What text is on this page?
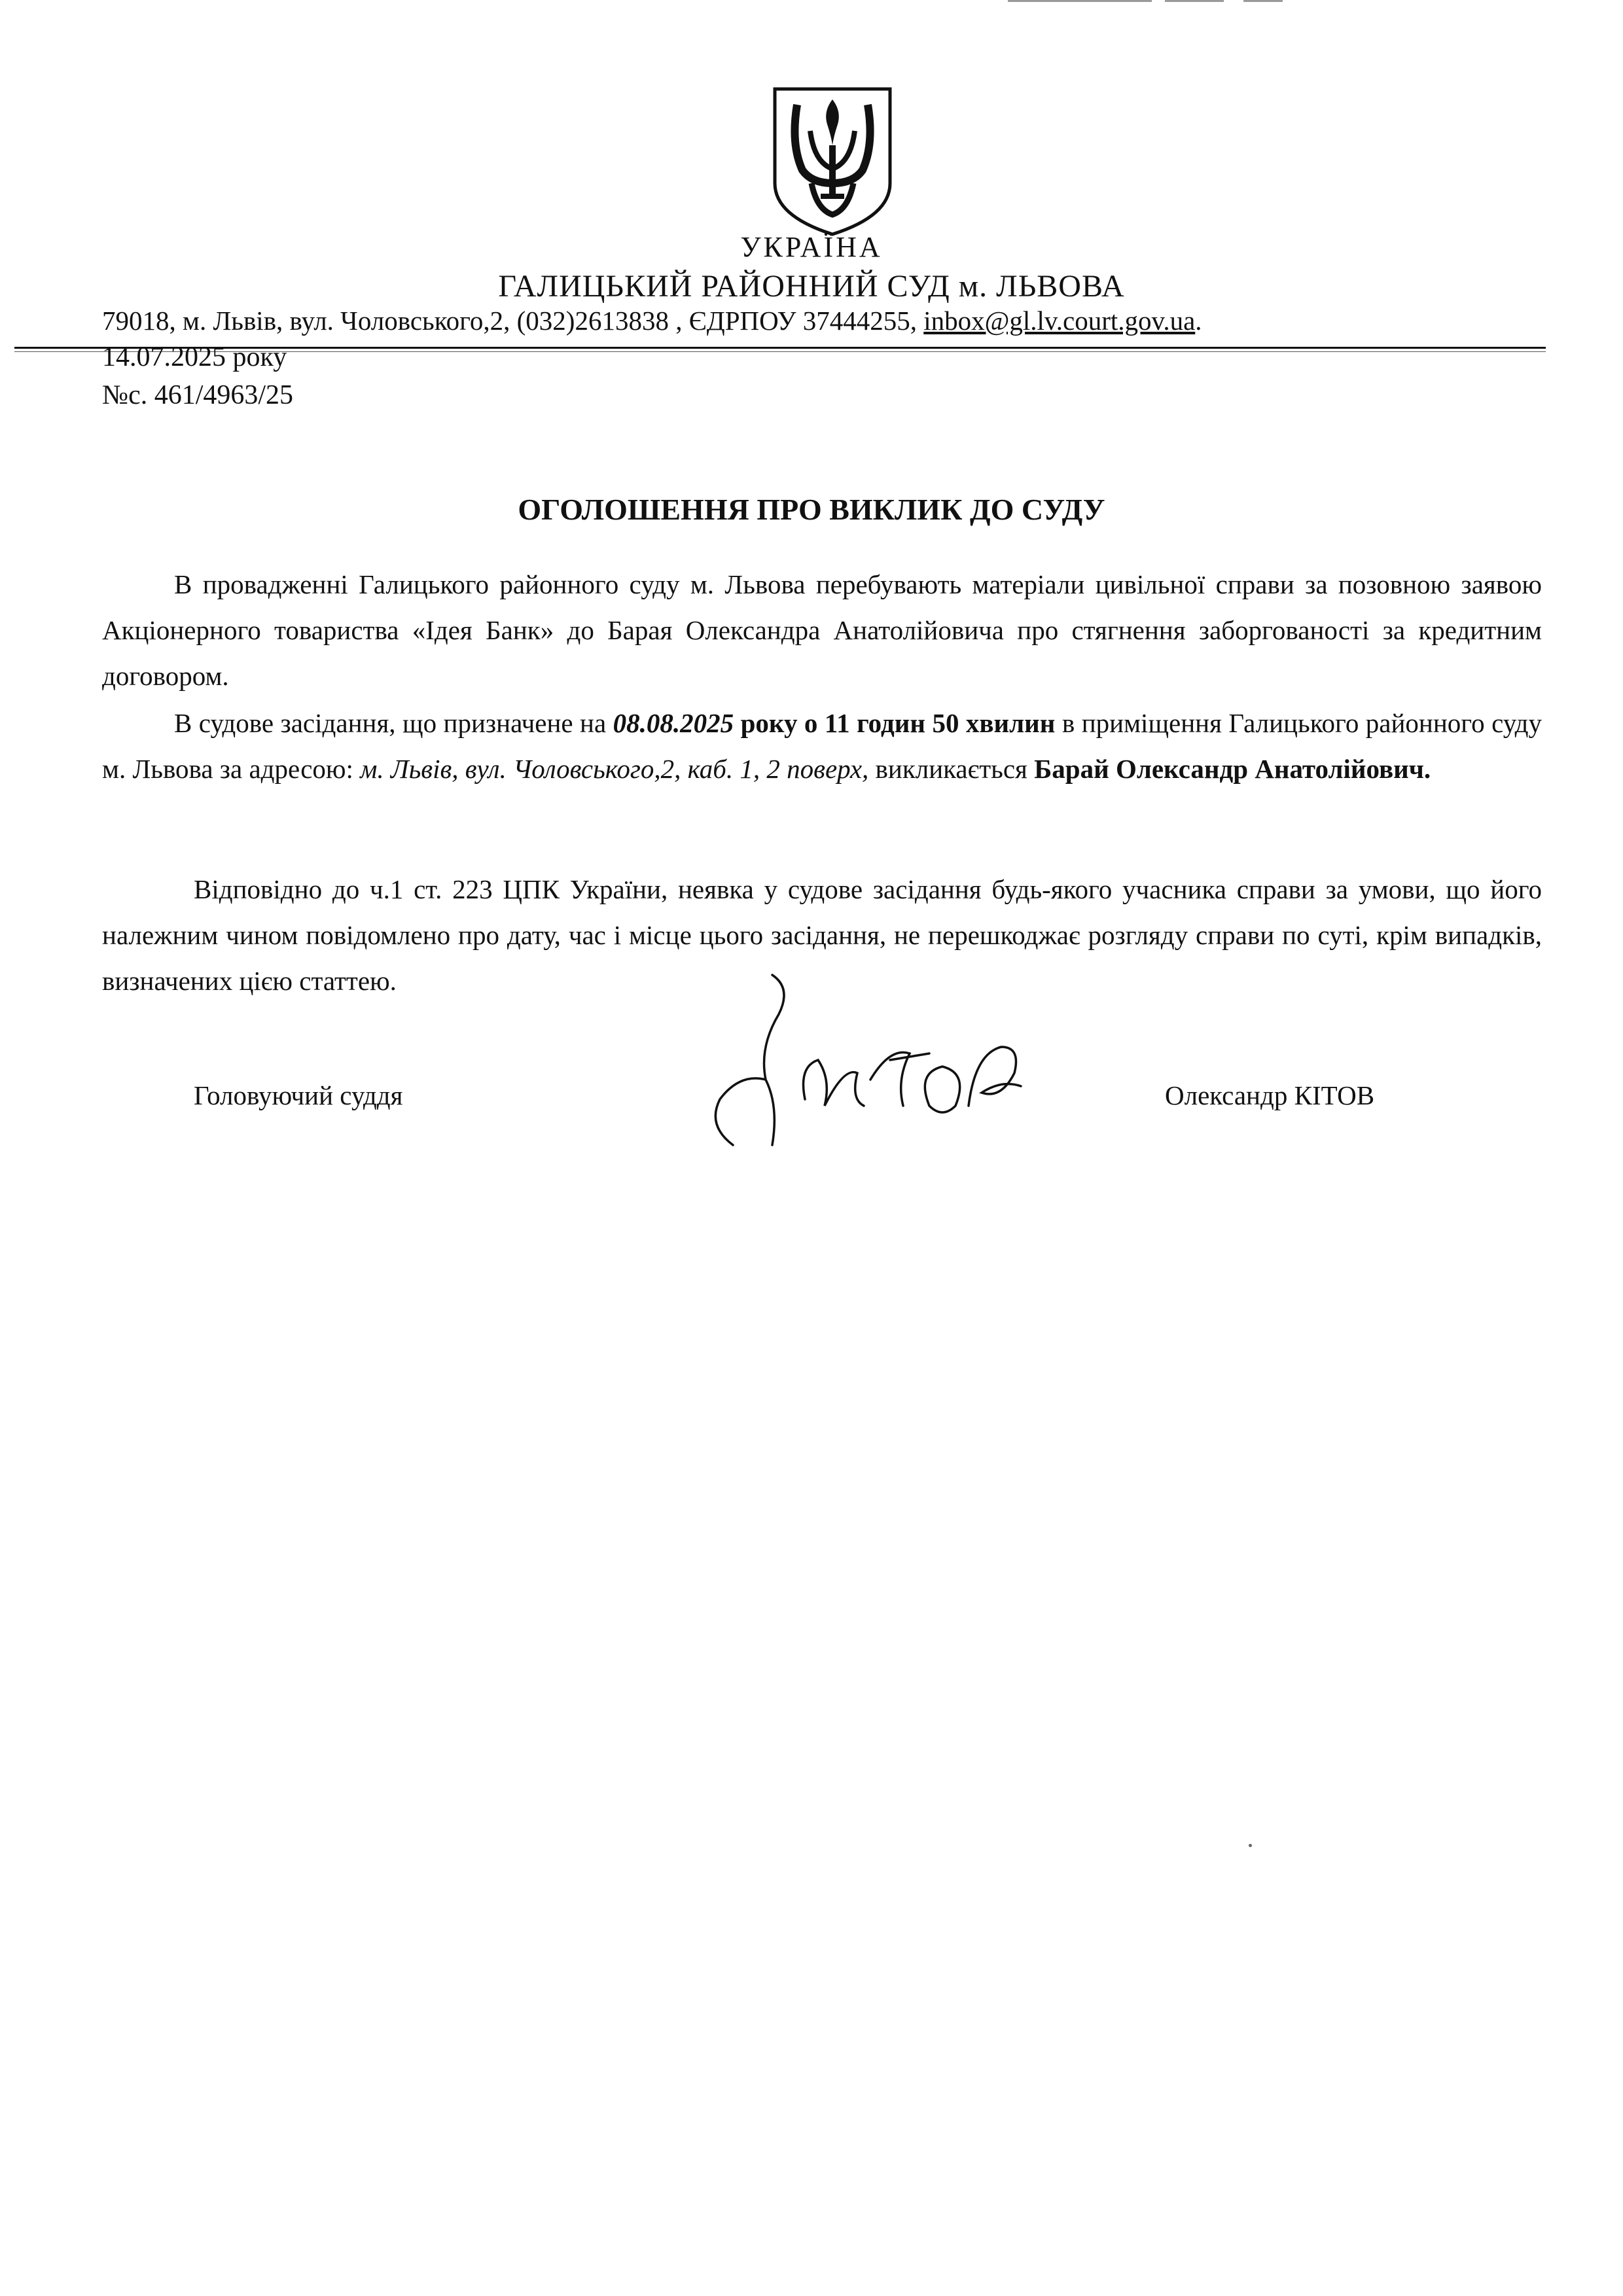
УКРАЇНА
ГАЛИЦЬКИЙ РАЙОННИЙ СУД м. ЛЬВОВА
79018, м. Львів, вул. Чоловського,2, (032)2613838 , ЄДРПОУ 37444255, inbox@gl.lv.court.gov.ua.
14.07.2025 року
№с. 461/4963/25
ОГОЛОШЕННЯ ПРО ВИКЛИК ДО СУДУ
В провадженні Галицького районного суду м. Львова перебувають матеріали цивільної справи за позовною заявою Акціонерного товариства «Ідея Банк» до Барая Олександра Анатолійовича про стягнення заборгованості за кредитним договором.
В судове засідання, що призначене на 08.08.2025 року о 11 годин 50 хвилин в приміщення Галицького районного суду м. Львова за адресою: м. Львів, вул. Чоловського,2, каб. 1, 2 поверх, викликається Барай Олександр Анатолійович.
Відповідно до ч.1 ст. 223 ЦПК України, неявка у судове засідання будь-якого учасника справи за умови, що його належним чином повідомлено про дату, час і місце цього засідання, не перешкоджає розгляду справи по суті, крім випадків, визначених цією статтею.
Головуючий суддя	Олександр КІТОВ
